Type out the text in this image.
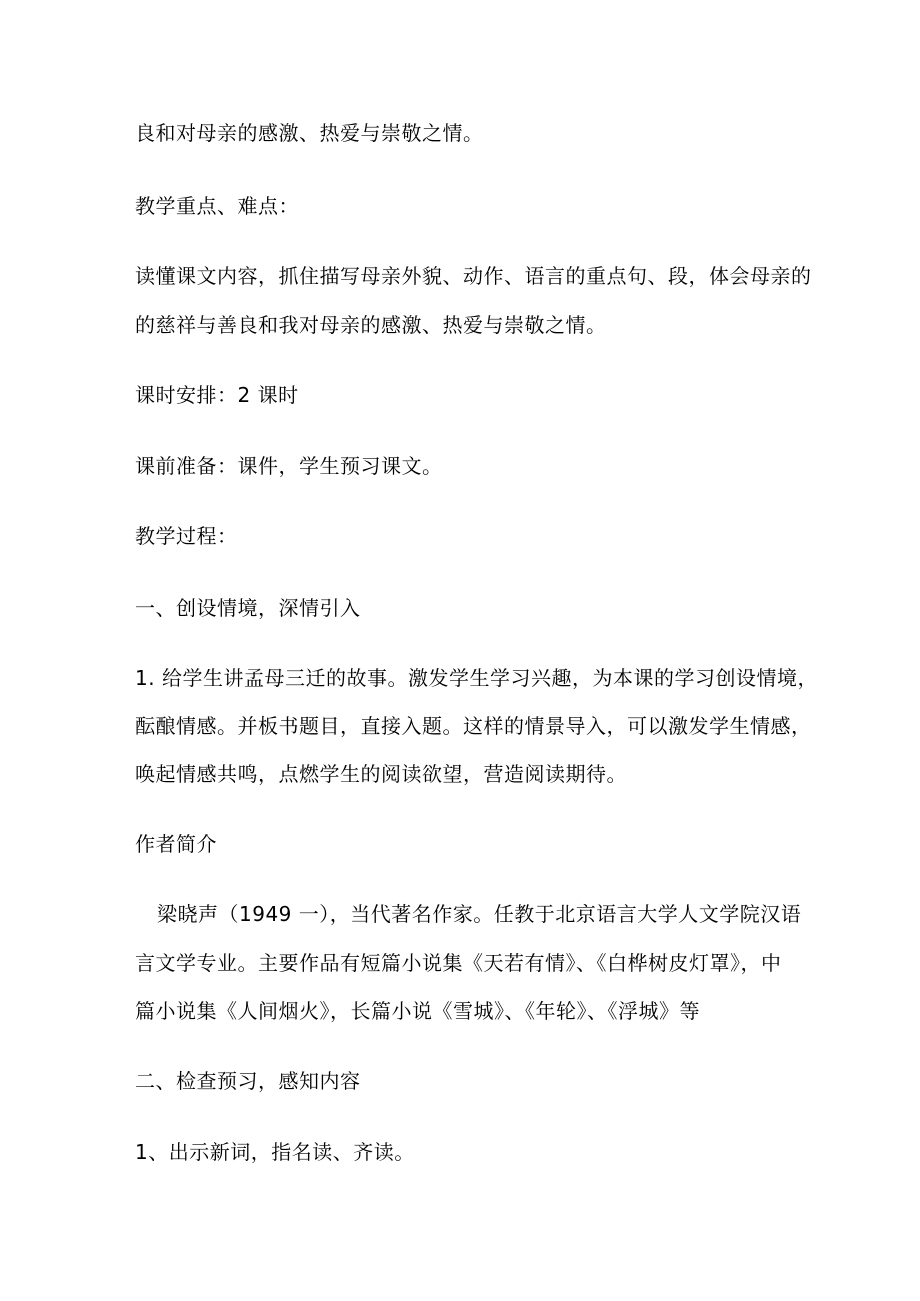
良和对母亲的感激、热爱与崇敬之情。
教学重点、难点：
读懂课文内容，抓住描写母亲外貌、动作、语言的重点句、段，体会母亲的
的慈祥与善良和我对母亲的感激、热爱与崇敬之情。
课时安排：2 课时
课前准备：课件，学生预习课文。
教学过程：
一、创设情境，深情引入
1. 给学生讲孟母三迁的故事。激发学生学习兴趣，为本课的学习创设情境，
酝酿情感。并板书题目，直接入题。这样的情景导入，可以激发学生情感，
唤起情感共鸣，点燃学生的阅读欲望，营造阅读期待。
作者简介
梁晓声（1949 一），当代著名作家。任教于北京语言大学人文学院汉语
言文学专业。主要作品有短篇小说集《天若有情》、《白桦树皮灯罩》，中
篇小说集《人间烟火》，长篇小说《雪城》、《年轮》、《浮城》等
二、检查预习，感知内容
1、出示新词，指名读、齐读。
